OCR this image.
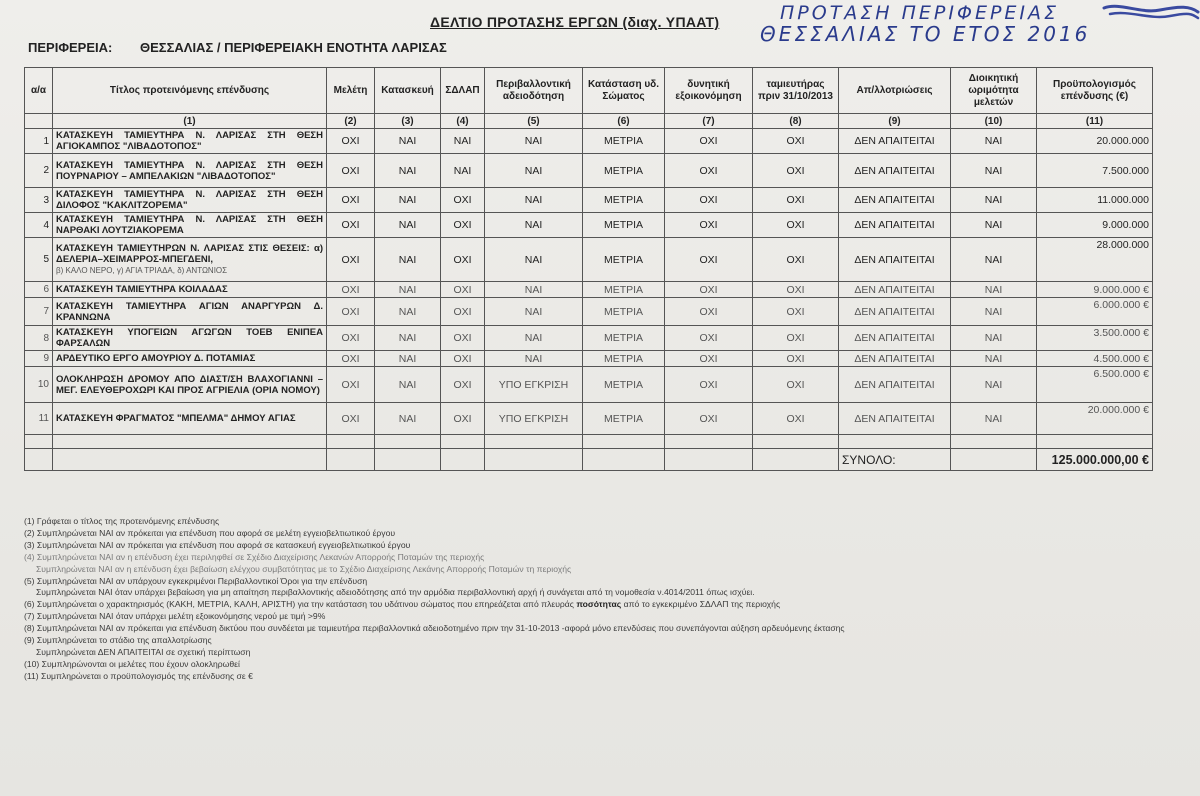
ΔΕΛΤΙΟ ΠΡΟΤΑΣΗΣ ΕΡΓΩΝ (διαχ. ΥΠΑΑΤ)
ΠΕΡΙΦΕΡΕΙΑ: ΘΕΣΣΑΛΙΑΣ / ΠΕΡΙΦΕΡΕΙΑΚΗ ΕΝΟΤΗΤΑ ΛΑΡΙΣΑΣ
ΠΡΟΤΑΣΗ ΠΕΡΙΦΕΡΕΙΑΣ
ΘΕΣΣΑΛΙΑΣ ΤΟ ΕΤΟΣ 2016
α/α	Τίτλος προτεινόμενης επένδυσης	Μελέτη	Κατασκευή	ΣΔΛΑΠ	Περιβαλλοντική αδειοδότηση	Κατάσταση υδ. Σώματος	δυνητική εξοικονόμηση	ταμιευτήρας πριν 31/10/2013	Απ/λλοτριώσεις	Διοικητική ωριμότητα μελετών	Προϋπολογισμός επένδυσης (€)
	(1)	(2)	(3)	(4)	(5)	(6)	(7)	(8)	(9)	(10)	(11)
1	ΚΑΤΑΣΚΕΥΗ ΤΑΜΙΕΥΤΗΡΑ Ν. ΛΑΡΙΣΑΣ ΣΤΗ ΘΕΣΗ ΑΓΙΟΚΑΜΠΟΣ "ΛΙΒΑΔΟΤΟΠΟΣ"	ΟΧΙ	ΝΑΙ	ΝΑΙ	ΝΑΙ	ΜΕΤΡΙΑ	ΟΧΙ	ΟΧΙ	ΔΕΝ ΑΠΑΙΤΕΙΤΑΙ	ΝΑΙ	20.000.000
2	ΚΑΤΑΣΚΕΥΗ ΤΑΜΙΕΥΤΗΡΑ Ν. ΛΑΡΙΣΑΣ ΣΤΗ ΘΕΣΗ ΠΟΥΡΝΑΡΙΟΥ – ΑΜΠΕΛΑΚΙΩΝ "ΛΙΒΑΔΟΤΟΠΟΣ"	ΟΧΙ	ΝΑΙ	ΝΑΙ	ΝΑΙ	ΜΕΤΡΙΑ	ΟΧΙ	ΟΧΙ	ΔΕΝ ΑΠΑΙΤΕΙΤΑΙ	ΝΑΙ	7.500.000
3	ΚΑΤΑΣΚΕΥΗ ΤΑΜΙΕΥΤΗΡΑ Ν. ΛΑΡΙΣΑΣ ΣΤΗ ΘΕΣΗ ΔΙΛΟΦΟΣ "ΚΑΚΛΙΤΖΟΡΕΜΑ"	ΟΧΙ	ΝΑΙ	ΟΧΙ	ΝΑΙ	ΜΕΤΡΙΑ	ΟΧΙ	ΟΧΙ	ΔΕΝ ΑΠΑΙΤΕΙΤΑΙ	ΝΑΙ	11.000.000
4	ΚΑΤΑΣΚΕΥΗ ΤΑΜΙΕΥΤΗΡΑ Ν. ΛΑΡΙΣΑΣ ΣΤΗ ΘΕΣΗ ΝΑΡΘΑΚΙ ΛΟΥΤΖΙΑΚΟΡΕΜΑ	ΟΧΙ	ΝΑΙ	ΟΧΙ	ΝΑΙ	ΜΕΤΡΙΑ	ΟΧΙ	ΟΧΙ	ΔΕΝ ΑΠΑΙΤΕΙΤΑΙ	ΝΑΙ	9.000.000
5	ΚΑΤΑΣΚΕΥΗ ΤΑΜΙΕΥΤΗΡΩΝ Ν. ΛΑΡΙΣΑΣ ΣΤΙΣ ΘΕΣΕΙΣ: α) ΔΕΛΕΡΙΑ–ΧΕΙΜΑΡΡΟΣ-ΜΠΕΓΔΕΝΙ,
β) ΚΑΛΟ ΝΕΡΟ, γ) ΑΓΙΑ ΤΡΙΑΔΑ, δ) ΑΝΤΩΝΙΟΣ	ΟΧΙ	ΝΑΙ	ΟΧΙ	ΝΑΙ	ΜΕΤΡΙΑ	ΟΧΙ	ΟΧΙ	ΔΕΝ ΑΠΑΙΤΕΙΤΑΙ	ΝΑΙ	28.000.000
6	ΚΑΤΑΣΚΕΥΗ ΤΑΜΙΕΥΤΗΡΑ ΚΟΙΛΑΔΑΣ	ΟΧΙ	ΝΑΙ	ΟΧΙ	ΝΑΙ	ΜΕΤΡΙΑ	ΟΧΙ	ΟΧΙ	ΔΕΝ ΑΠΑΙΤΕΙΤΑΙ	ΝΑΙ	9.000.000 €
7	ΚΑΤΑΣΚΕΥΗ ΤΑΜΙΕΥΤΗΡΑ ΑΓΙΩΝ ΑΝΑΡΓΥΡΩΝ Δ. ΚΡΑΝΝΩΝΑ	ΟΧΙ	ΝΑΙ	ΟΧΙ	ΝΑΙ	ΜΕΤΡΙΑ	ΟΧΙ	ΟΧΙ	ΔΕΝ ΑΠΑΙΤΕΙΤΑΙ	ΝΑΙ	6.000.000 €
8	ΚΑΤΑΣΚΕΥΗ ΥΠΟΓΕΙΩΝ ΑΓΩΓΩΝ ΤΟΕΒ ΕΝΙΠΕΑ ΦΑΡΣΑΛΩΝ	ΟΧΙ	ΝΑΙ	ΟΧΙ	ΝΑΙ	ΜΕΤΡΙΑ	ΟΧΙ	ΟΧΙ	ΔΕΝ ΑΠΑΙΤΕΙΤΑΙ	ΝΑΙ	3.500.000 €
9	ΑΡΔΕΥΤΙΚΟ ΕΡΓΟ ΑΜΟΥΡΙΟΥ Δ. ΠΟΤΑΜΙΑΣ	ΟΧΙ	ΝΑΙ	ΟΧΙ	ΝΑΙ	ΜΕΤΡΙΑ	ΟΧΙ	ΟΧΙ	ΔΕΝ ΑΠΑΙΤΕΙΤΑΙ	ΝΑΙ	4.500.000 €
10	ΟΛΟΚΛΗΡΩΣΗ ΔΡΟΜΟΥ ΑΠΟ ΔΙΑΣΤ/ΣΗ ΒΛΑΧΟΓΙΑΝΝΙ – ΜΕΓ. ΕΛΕΥΘΕΡΟΧΩΡΙ ΚΑΙ ΠΡΟΣ ΑΓΡΙΕΛΙΑ (ΟΡΙΑ ΝΟΜΟΥ)	ΟΧΙ	ΝΑΙ	ΟΧΙ	ΥΠΟ ΕΓΚΡΙΣΗ	ΜΕΤΡΙΑ	ΟΧΙ	ΟΧΙ	ΔΕΝ ΑΠΑΙΤΕΙΤΑΙ	ΝΑΙ	6.500.000 €
11	ΚΑΤΑΣΚΕΥΗ ΦΡΑΓΜΑΤΟΣ "ΜΠΕΛΜΑ" ΔΗΜΟΥ ΑΓΙΑΣ	ΟΧΙ	ΝΑΙ	ΟΧΙ	ΥΠΟ ΕΓΚΡΙΣΗ	ΜΕΤΡΙΑ	ΟΧΙ	ΟΧΙ	ΔΕΝ ΑΠΑΙΤΕΙΤΑΙ	ΝΑΙ	20.000.000 €

									ΣΥΝΟΛΟ:		125.000.000,00 €
(1) Γράφεται ο τίτλος της προτεινόμενης επένδυσης
(2) Συμπληρώνεται ΝΑΙ αν πρόκειται για επένδυση που αφορά σε μελέτη εγγειοβελτιωτικού έργου
(3) Συμπληρώνεται ΝΑΙ αν πρόκειται για επένδυση που αφορά σε κατασκευή εγγειοβελτιωτικού έργου
(4) Συμπληρώνεται ΝΑΙ αν η επένδυση έχει περιληφθεί σε Σχέδιο Διαχείρισης Λεκανών Απορροής Ποταμών της περιοχής
Συμπληρώνεται ΝΑΙ αν η επένδυση έχει βεβαίωση ελέγχου συμβατότητας με το Σχέδιο Διαχείρισης Λεκάνης Απορροής Ποταμών τη περιοχής
(5) Συμπληρώνεται ΝΑΙ αν υπάρχουν εγκεκριμένοι Περιβαλλοντικοί Όροι για την επένδυση
Συμπληρώνεται ΝΑΙ όταν υπάρχει βεβαίωση για μη απαίτηση περιβαλλοντικής αδειοδότησης από την αρμόδια περιβαλλοντική αρχή ή συνάγεται από τη νομοθεσία ν.4014/2011 όπως ισχύει.
(6) Συμπληρώνεται ο χαρακτηρισμός (ΚΑΚΗ, ΜΕΤΡΙΑ, ΚΑΛΗ, ΑΡΙΣΤΗ) για την κατάσταση του υδάτινου σώματος που επηρεάζεται από πλευράς ποσότητας από το εγκεκριμένο ΣΔΛΑΠ της περιοχής
(7) Συμπληρώνεται ΝΑΙ όταν υπάρχει μελέτη εξοικονόμησης νερού με τιμή >9%
(8) Συμπληρώνεται ΝΑΙ αν πρόκειται για επένδυση δικτύου που συνδέεται με ταμιευτήρα περιβαλλοντικά αδειοδοτημένο πριν την 31-10-2013 -αφορά μόνο επενδύσεις που συνεπάγονται αύξηση αρδευόμενης έκτασης
(9) Συμπληρώνεται το στάδιο της απαλλοτρίωσης
Συμπληρώνεται ΔΕΝ ΑΠΑΙΤΕΙΤΑΙ σε σχετική περίπτωση
(10) Συμπληρώνονται οι μελέτες που έχουν ολοκληρωθεί
(11) Συμπληρώνεται ο προϋπολογισμός της επένδυσης σε €
